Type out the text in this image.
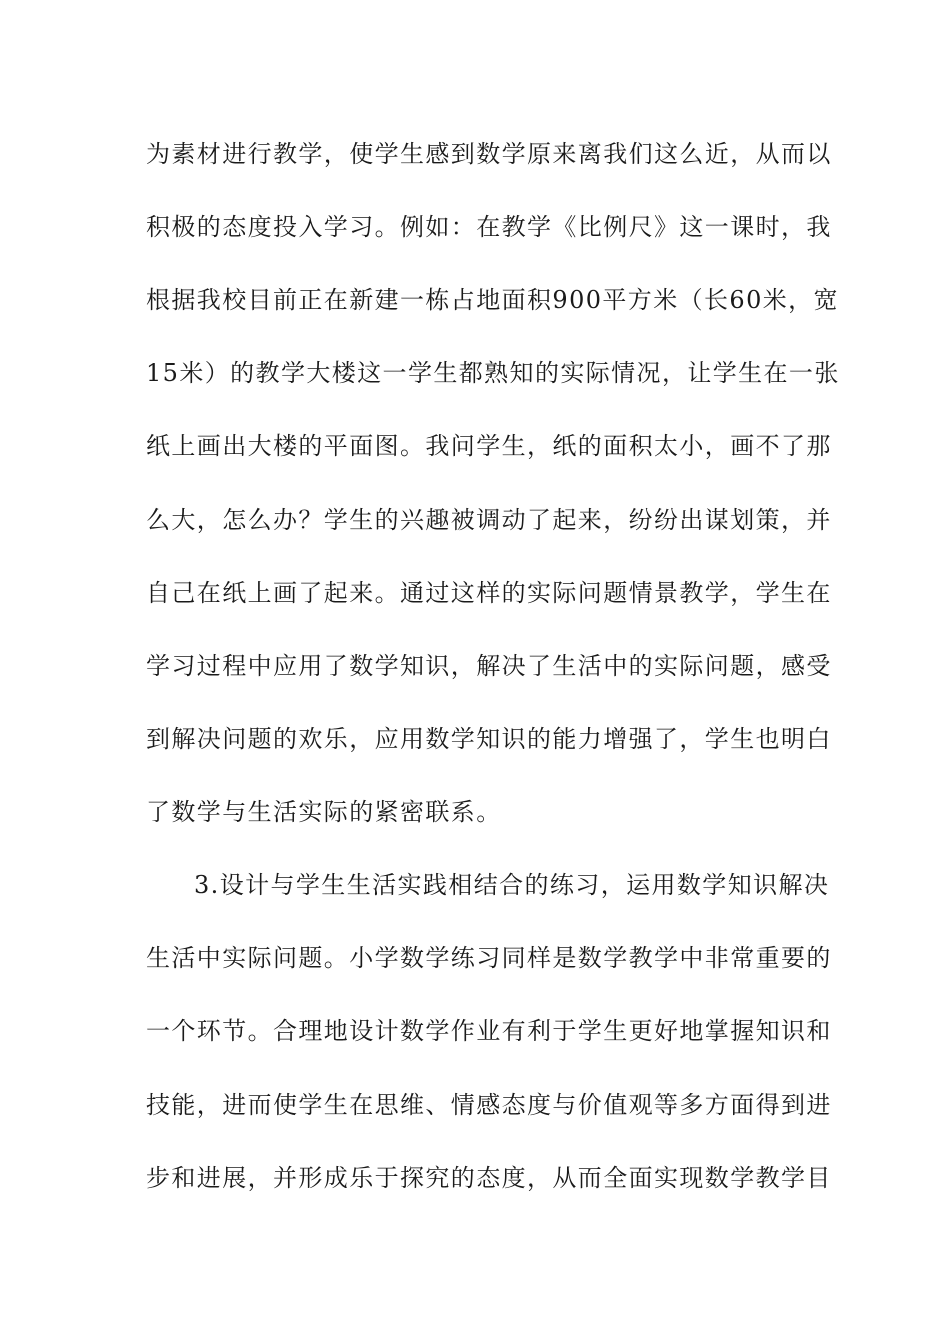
为素材进行教学，使学生感到数学原来离我们这么近，从而以
积极的态度投入学习。例如：在教学《比例尺》这一课时，我
根据我校目前正在新建一栋占地面积900平方米（长60米，宽
15米）的教学大楼这一学生都熟知的实际情况，让学生在一张
纸上画出大楼的平面图。我问学生，纸的面积太小，画不了那
么大，怎么办？学生的兴趣被调动了起来，纷纷出谋划策，并
自己在纸上画了起来。通过这样的实际问题情景教学，学生在
学习过程中应用了数学知识，解决了生活中的实际问题，感受
到解决问题的欢乐，应用数学知识的能力增强了，学生也明白
了数学与生活实际的紧密联系。
3.设计与学生生活实践相结合的练习，运用数学知识解决
生活中实际问题。小学数学练习同样是数学教学中非常重要的
一个环节。合理地设计数学作业有利于学生更好地掌握知识和
技能，进而使学生在思维、情感态度与价值观等多方面得到进
步和进展，并形成乐于探究的态度，从而全面实现数学教学目
